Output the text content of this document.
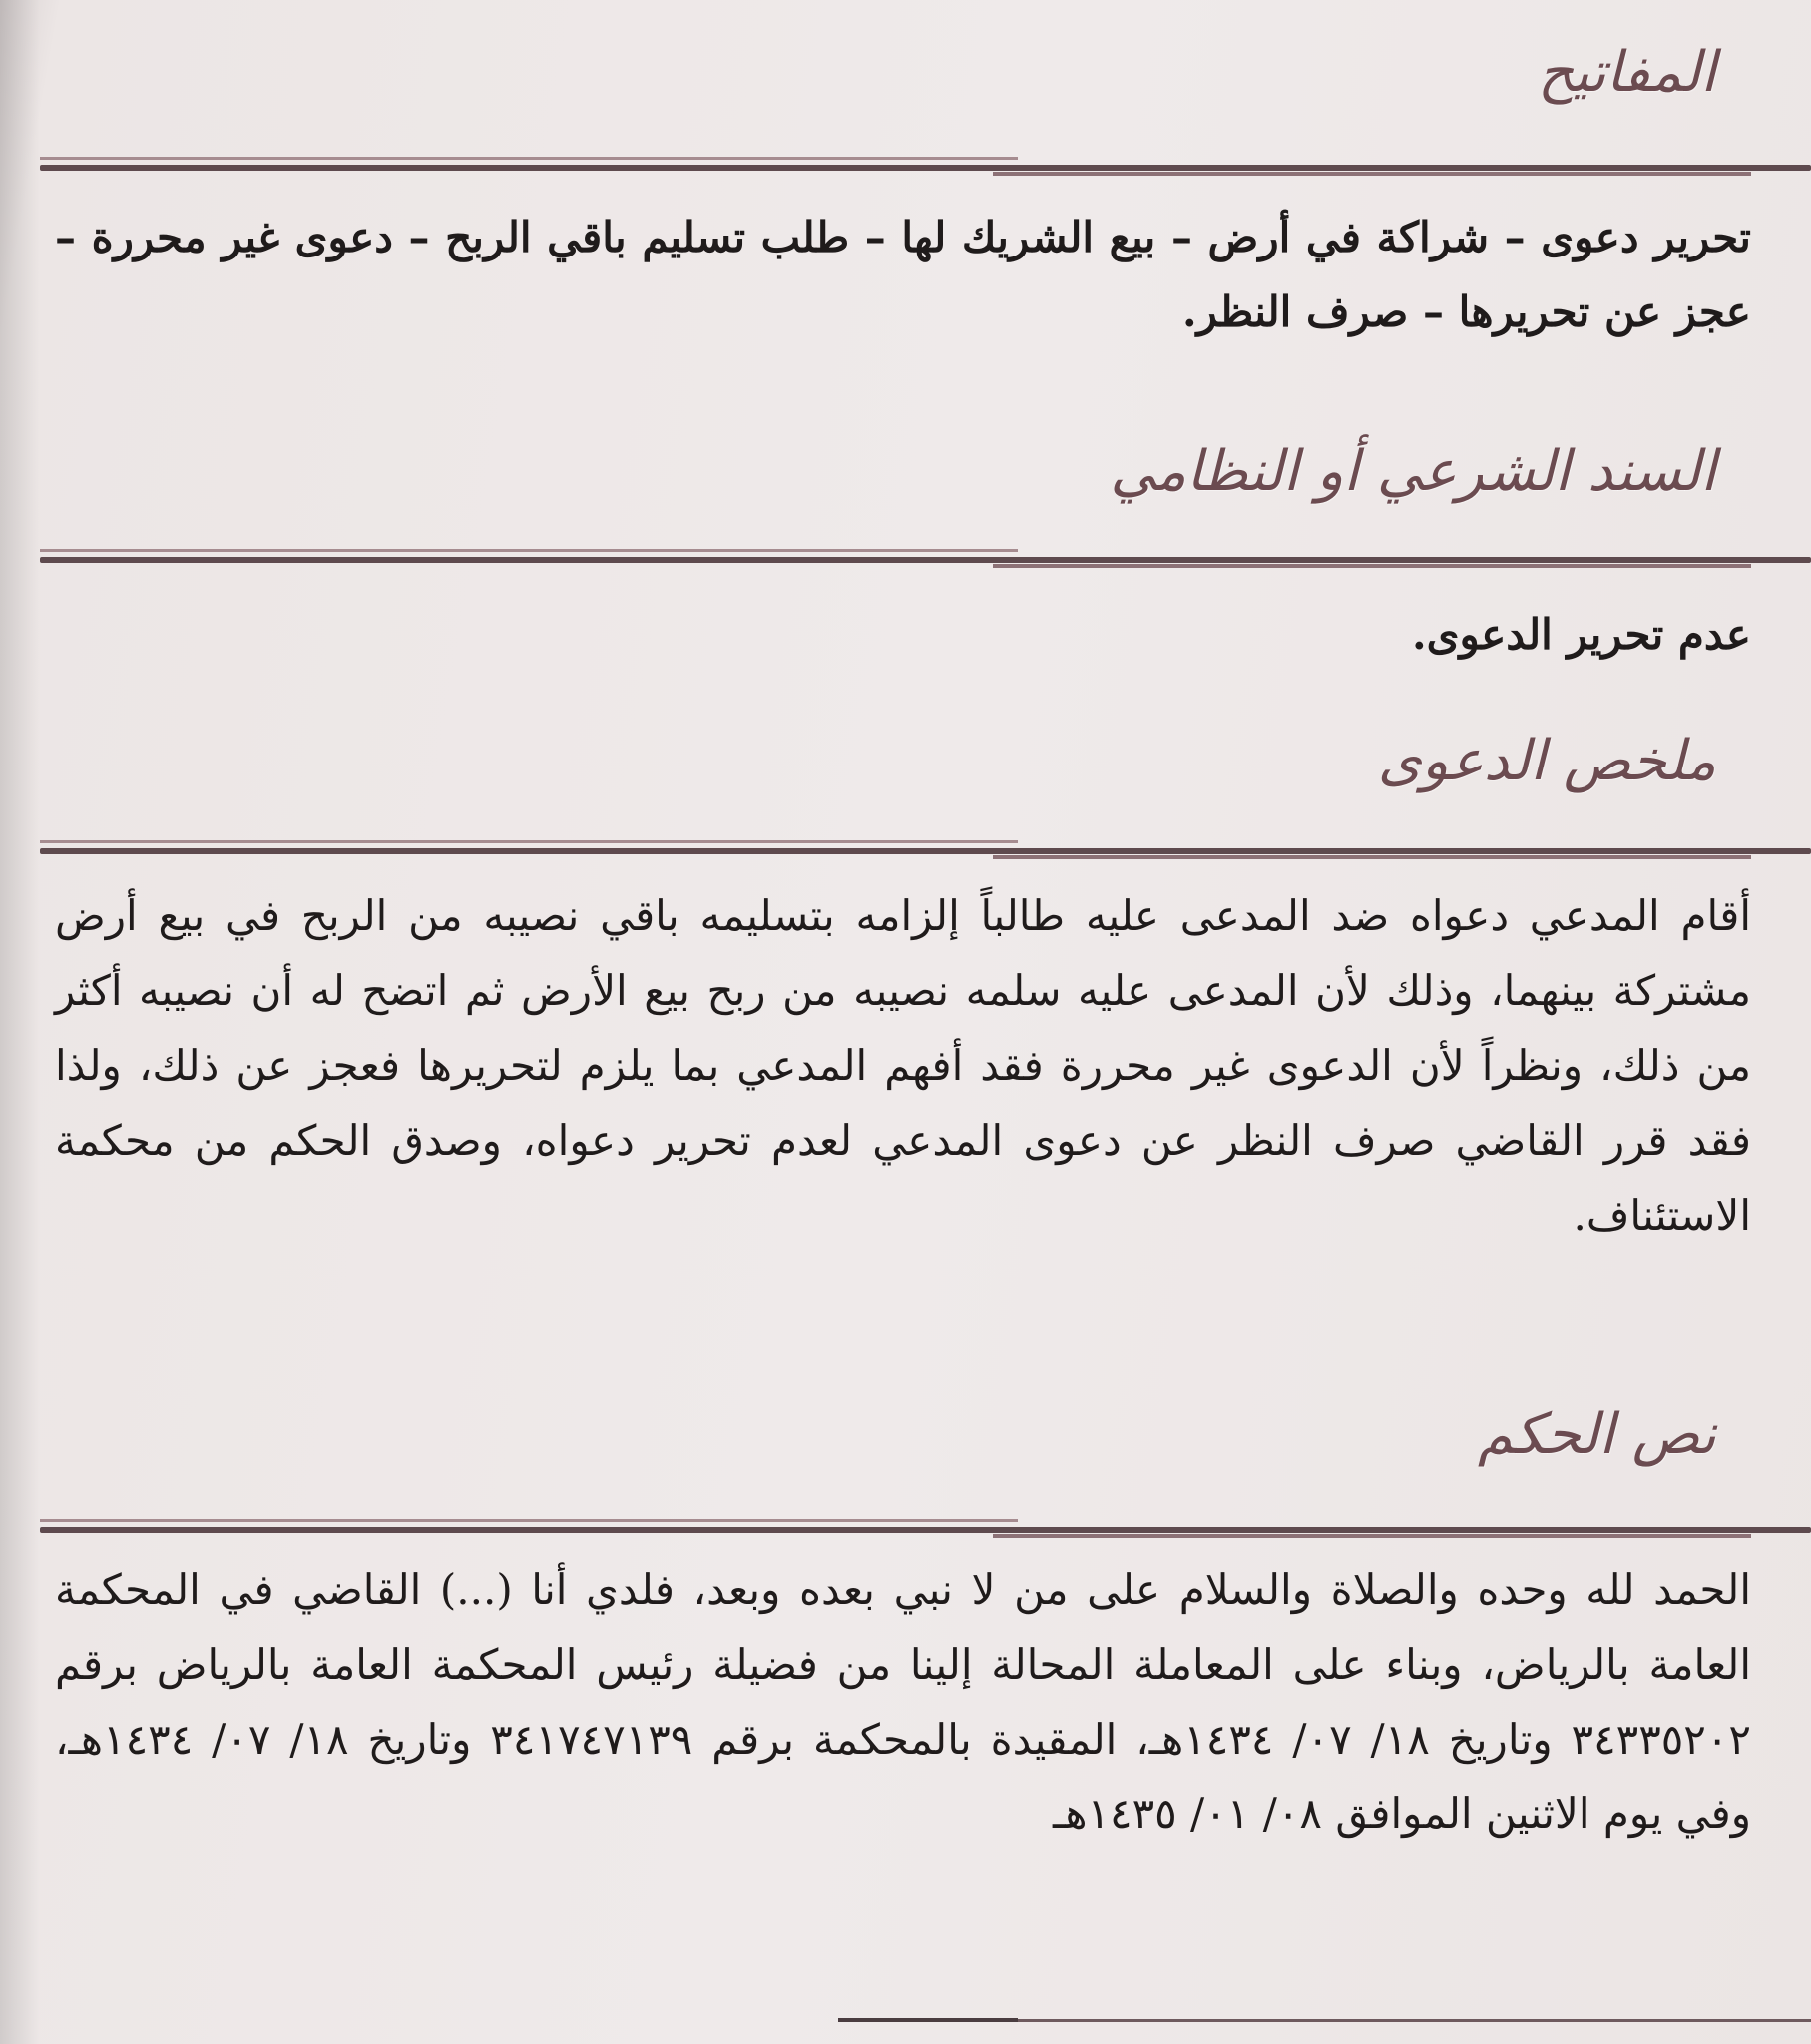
المفاتيح
تحرير دعوى – شراكة في أرض – بيع الشريك لها – طلب تسليم باقي الربح – دعوى غير محررة – عجز عن تحريرها – صرف النظر.
السند الشرعي أو النظامي
عدم تحرير الدعوى.
ملخص الدعوى
أقام المدعي دعواه ضد المدعى عليه طالباً إلزامه بتسليمه باقي نصيبه من الربح في بيع أرض مشتركة بينهما، وذلك لأن المدعى عليه سلمه نصيبه من ربح بيع الأرض ثم اتضح له أن نصيبه أكثر من ذلك، ونظراً لأن الدعوى غير محررة فقد أفهم المدعي بما يلزم لتحريرها فعجز عن ذلك، ولذا فقد قرر القاضي صرف النظر عن دعوى المدعي لعدم تحرير دعواه، وصدق الحكم من محكمة الاستئناف.
نص الحكم
الحمد لله وحده والصلاة والسلام على من لا نبي بعده وبعد، فلدي أنا (...) القاضي في المحكمة العامة بالرياض، وبناء على المعاملة المحالة إلينا من فضيلة رئيس المحكمة العامة بالرياض برقم ٣٤٣٣٥٢٠٢ وتاريخ ١٨/ ٠٧/ ١٤٣٤هـ، المقيدة بالمحكمة برقم ٣٤١٧٤٧١٣٩ وتاريخ ١٨/ ٠٧/ ١٤٣٤هـ، وفي يوم الاثنين الموافق ٠٨/ ٠١/ ١٤٣٥هـ
